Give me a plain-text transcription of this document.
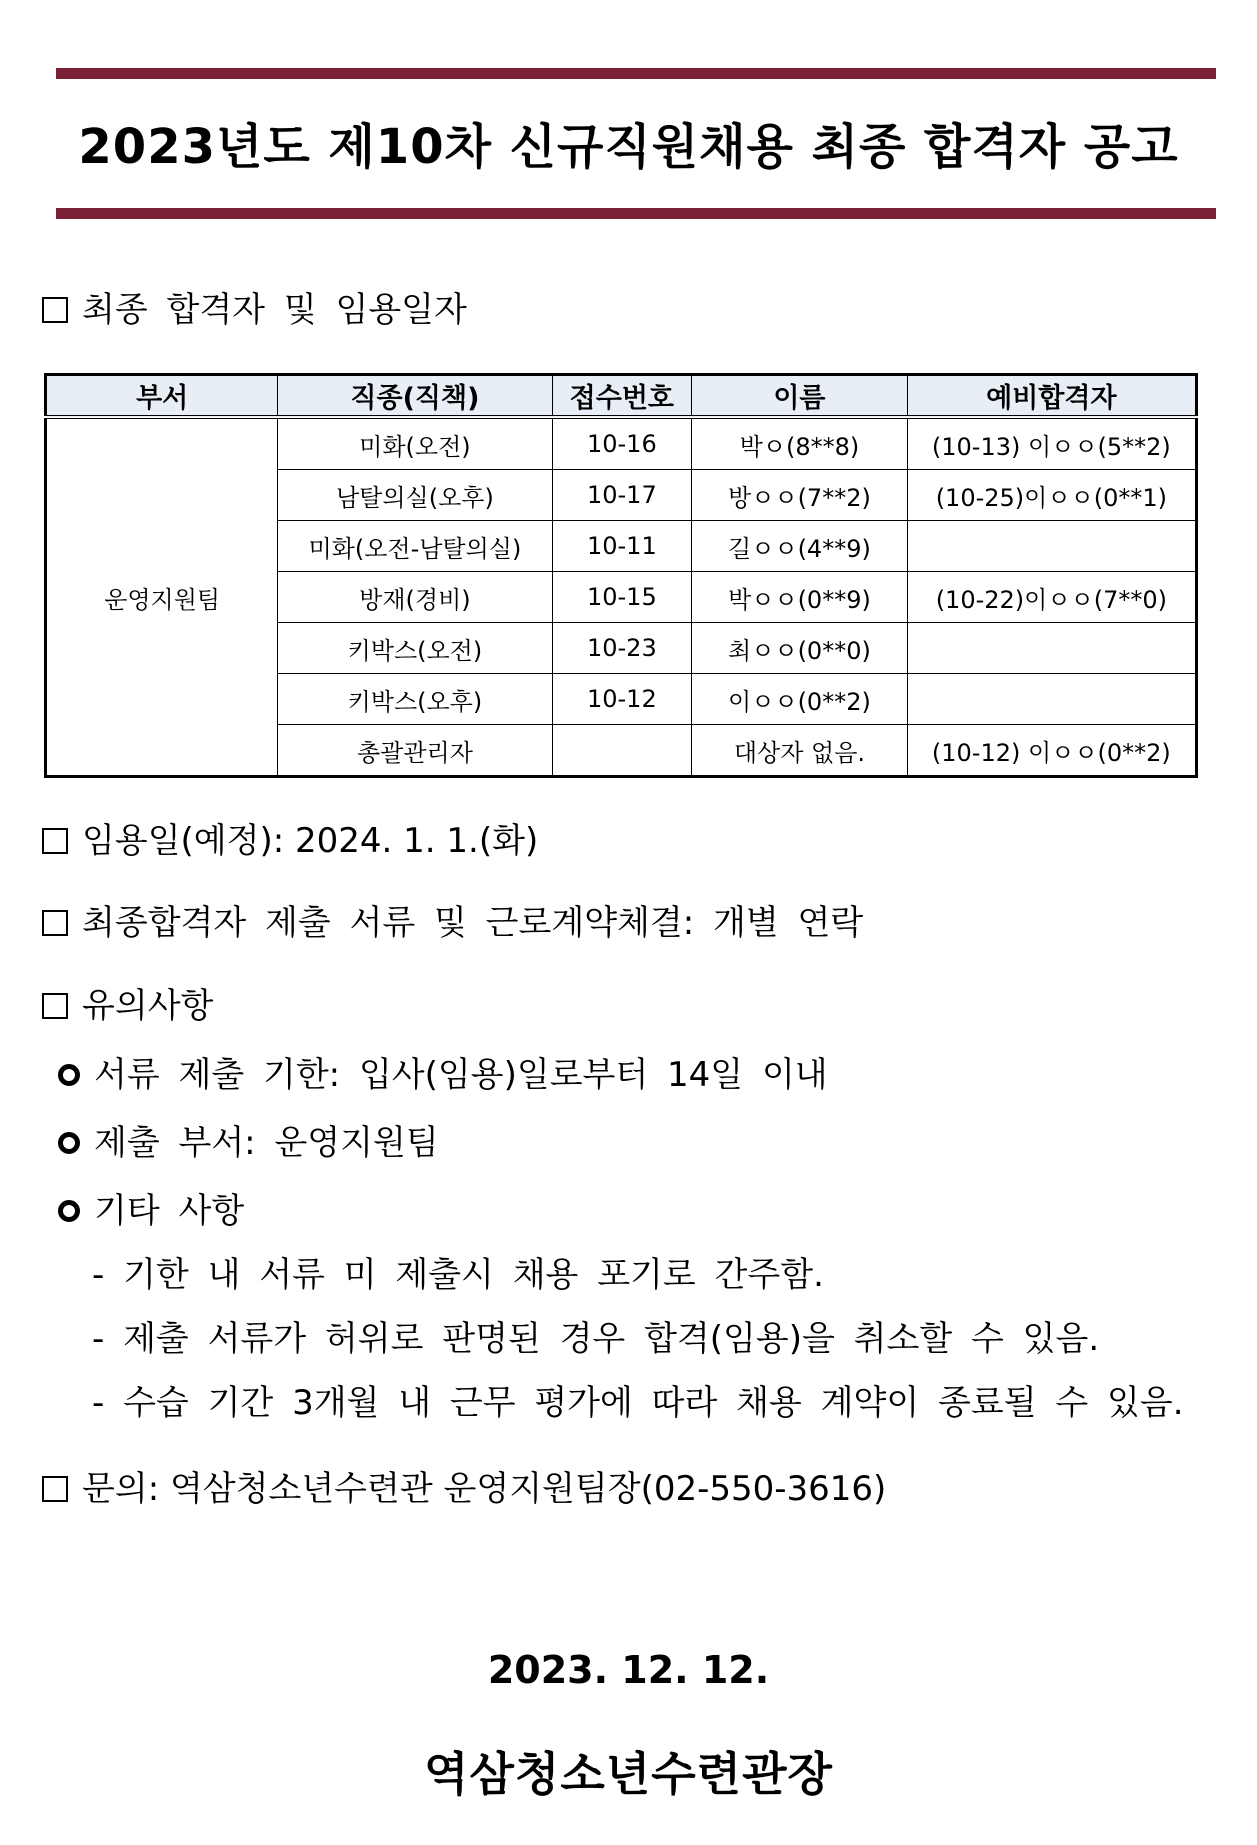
2023년도 제10차 신규직원채용 최종 합격자 공고
최종 합격자 및 임용일자
부서	직종(직책)	접수번호	이름	예비합격자
운영지원팀	미화(오전)	10-16	박ㅇ(8**8)	(10-13) 이ㅇㅇ(5**2)
	남탈의실(오후)	10-17	방ㅇㅇ(7**2)	(10-25)이ㅇㅇ(0**1)
	미화(오전-남탈의실)	10-11	길ㅇㅇ(4**9)	
	방재(경비)	10-15	박ㅇㅇ(0**9)	(10-22)이ㅇㅇ(7**0)
	키박스(오전)	10-23	최ㅇㅇ(0**0)	
	키박스(오후)	10-12	이ㅇㅇ(0**2)	
	총괄관리자		대상자 없음.	(10-12) 이ㅇㅇ(0**2)
임용일(예정): 2024. 1. 1.(화)
최종합격자 제출 서류 및 근로계약체결: 개별 연락
유의사항
서류 제출 기한: 입사(임용)일로부터 14일 이내
제출 부서: 운영지원팀
기타 사항
- 기한 내 서류 미 제출시 채용 포기로 간주함.
- 제출 서류가 허위로 판명된 경우 합격(임용)을 취소할 수 있음.
- 수습 기간 3개월 내 근무 평가에 따라 채용 계약이 종료될 수 있음.
문의: 역삼청소년수련관 운영지원팀장(02-550-3616)
2023. 12. 12.
역삼청소년수련관장
